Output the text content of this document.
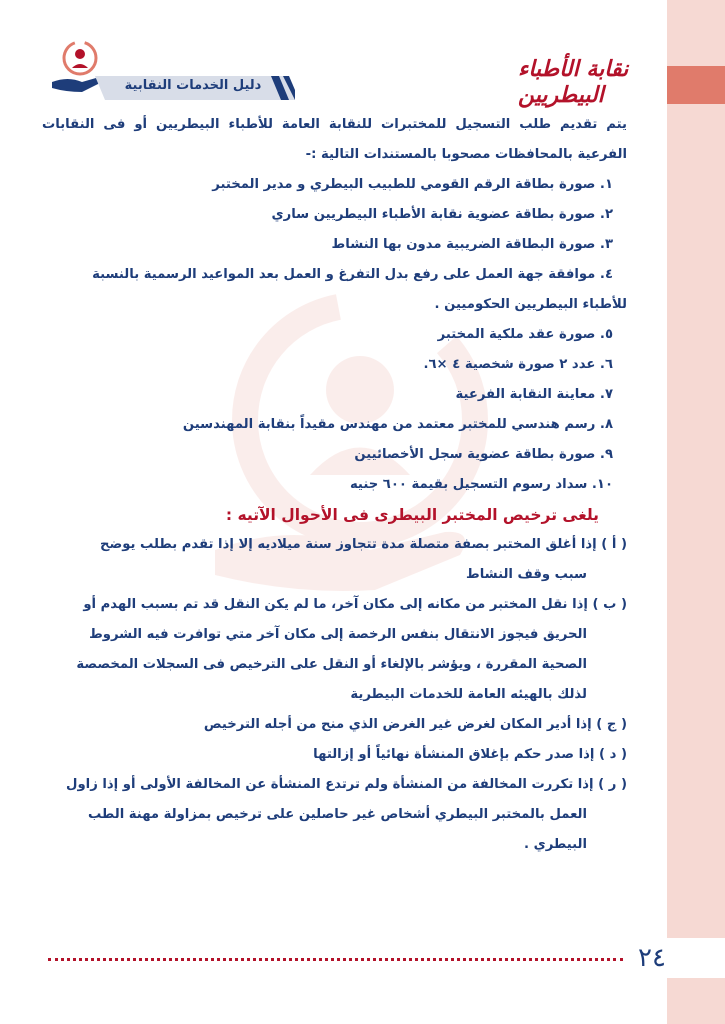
نقابة الأطباء البيطريين
دليل الخدمات النقابية
يتم تقديم طلب التسجيل للمختبرات للنقابة العامة للأطباء البيطريين أو فى النقابات
الفرعية بالمحافظات مصحوبا بالمستندات التالية :-
١. صورة بطاقة الرقم القومي للطبيب البيطري و مدير المختبر
٢. صورة بطاقة عضوية نقابة الأطباء البيطريين ساري
٣. صورة البطاقة الضريبية مدون بها النشاط
٤. موافقة جهة العمل على رفع بدل التفرغ و العمل بعد المواعيد الرسمية بالنسبة
للأطباء البيطريين الحكوميين .
٥. صورة عقد ملكية المختبر
٦. عدد ٢ صورة شخصية ٤ ×٦.
٧. معاينة النقابة الفرعية
٨. رسم هندسي للمختبر معتمد من مهندس مقيداً بنقابة المهندسين
٩. صورة بطاقة عضوية سجل الأخصائيين
١٠. سداد رسوم التسجيل بقيمة ٦٠٠ جنيه
يلغى ترخيص المختبر البيطرى فى الأحوال الآتيه :
( أ ) إذا أغلق المختبر بصفة متصلة مدة تتجاوز سنة ميلاديه إلا إذا تقدم بطلب يوضح
سبب وقف النشاط
( ب ) إذا نقل المختبر من مكانه إلى مكان آخر، ما لم يكن النقل قد تم بسبب الهدم أو
الحريق فيجوز الانتقال بنفس الرخصة إلى مكان آخر متي توافرت فيه الشروط
الصحية المقررة ، ويؤشر بالإلغاء أو النقل على الترخيص فى السجلات المخصصة
لذلك بالهيئه العامة للخدمات البيطرية
( ج ) إذا أدير المكان لغرض غير الغرض الذي منح من أجله الترخيص
( د ) إذا صدر حكم بإغلاق المنشأة نهائياً أو إزالتها
( ر ) إذا تكررت المخالفة من المنشأة ولم ترتدع المنشأة عن المخالفة الأولى أو إذا زاول
العمل بالمختبر البيطري أشخاص غير حاصلين على ترخيص بمزاولة مهنة الطب
البيطري .
٢٤
